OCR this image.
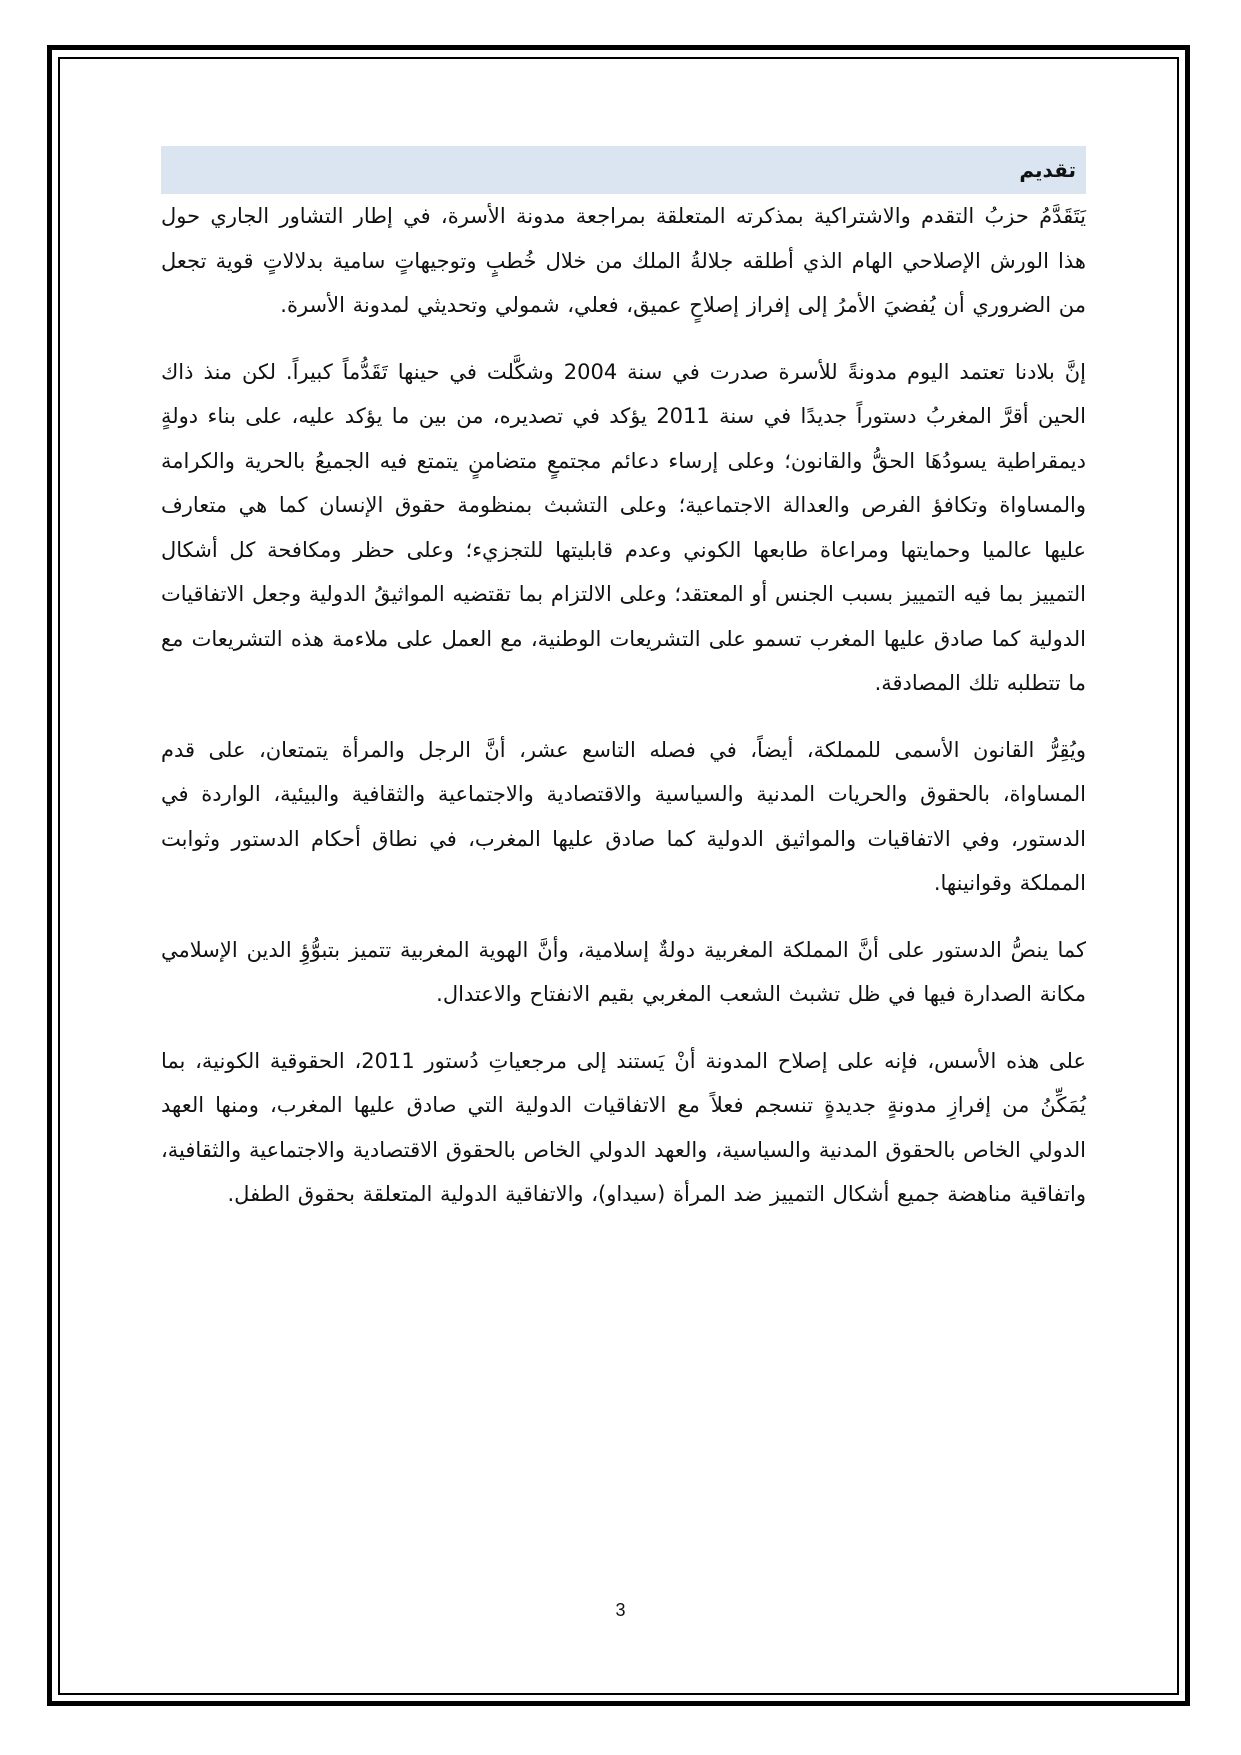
تقديم

يَتَقَدَّمُ حزبُ التقدم والاشتراكية بمذكرته المتعلقة بمراجعة مدونة الأسرة، في إطار التشاور الجاري حول هذا الورش الإصلاحي الهام الذي أطلقه جلالةُ الملك من خلال خُطبٍ وتوجيهاتٍ سامية بدلالاتٍ قوية تجعل من الضروري أن يُفضيَ الأمرُ إلى إفراز إصلاحٍ عميق، فعلي، شمولي وتحديثي لمدونة الأسرة.

إنَّ بلادنا تعتمد اليوم مدونةً للأسرة صدرت في سنة 2004 وشكَّلت في حينها تَقَدُّماً كبيراً. لكن منذ ذاك الحين أقرَّ المغربُ دستوراً جديدًا في سنة 2011 يؤكد في تصديره، من بين ما يؤكد عليه، على بناء دولةٍ ديمقراطية يسودُهَا الحقُّ والقانون؛ وعلى إرساء دعائم مجتمعٍ متضامنٍ يتمتع فيه الجميعُ بالحرية والكرامة والمساواة وتكافؤ الفرص والعدالة الاجتماعية؛ وعلى التشبث بمنظومة حقوق الإنسان كما هي متعارف عليها عالميا وحمايتها ومراعاة طابعها الكوني وعدم قابليتها للتجزيء؛ وعلى حظر ومكافحة كل أشكال التمييز بما فيه التمييز بسبب الجنس أو المعتقد؛ وعلى الالتزام بما تقتضيه المواثيقُ الدولية وجعل الاتفاقيات الدولية كما صادق عليها المغرب تسمو على التشريعات الوطنية، مع العمل على ملاءمة هذه التشريعات مع ما تتطلبه تلك المصادقة.

ويُقِرُّ القانون الأسمى للمملكة، أيضاً، في فصله التاسع عشر، أنَّ الرجل والمرأة يتمتعان، على قدم المساواة، بالحقوق والحريات المدنية والسياسية والاقتصادية والاجتماعية والثقافية والبيئية، الواردة في الدستور، وفي الاتفاقيات والمواثيق الدولية كما صادق عليها المغرب، في نطاق أحكام الدستور وثوابت المملكة وقوانينها.

كما ينصُّ الدستور على أنَّ المملكة المغربية دولةٌ إسلامية، وأنَّ الهوية المغربية تتميز بتبوُّؤِ الدين الإسلامي مكانة الصدارة فيها في ظل تشبث الشعب المغربي بقيم الانفتاح والاعتدال.

على هذه الأسس، فإنه على إصلاح المدونة أنْ يَستند إلى مرجعياتِ دُستور 2011، الحقوقية الكونية، بما يُمَكِّنُ من إفرازِ مدونةٍ جديدةٍ تنسجم فعلاً مع الاتفاقيات الدولية التي صادق عليها المغرب، ومنها العهد الدولي الخاص بالحقوق المدنية والسياسية، والعهد الدولي الخاص بالحقوق الاقتصادية والاجتماعية والثقافية، واتفاقية مناهضة جميع أشكال التمييز ضد المرأة (سيداو)، والاتفاقية الدولية المتعلقة بحقوق الطفل.

3
